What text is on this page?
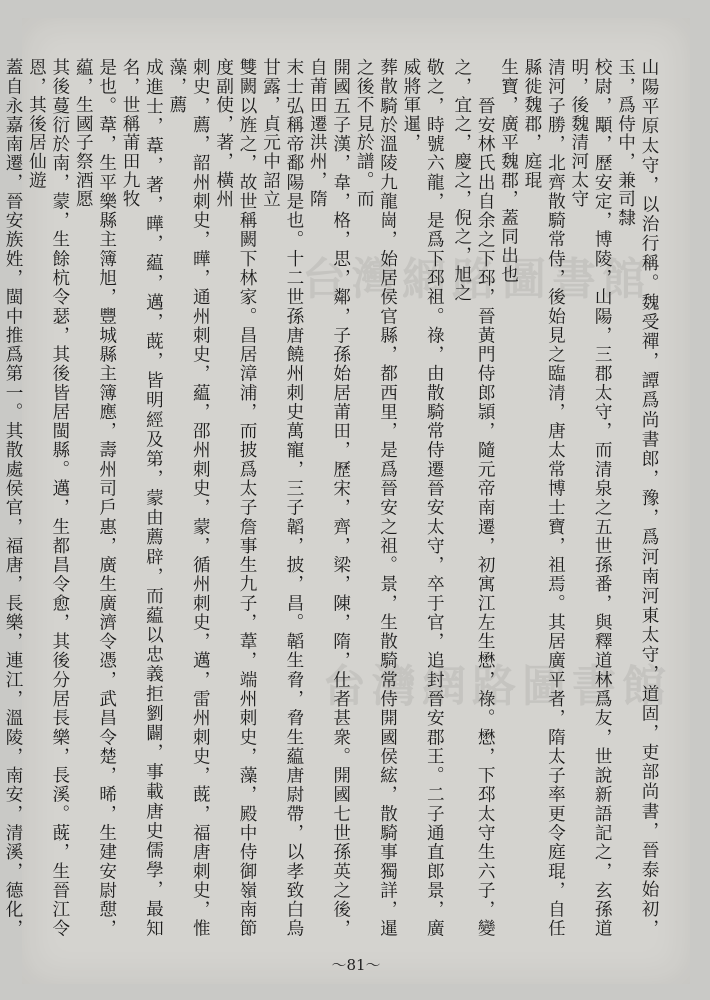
台灣網路圖書館
台灣網路圖書館

山陽平原太守，以治行稱。魏受禪，譚爲尚書郎，豫，爲河南河東太守，道固，吏部尚書，晉泰始初，玉，爲侍中，兼司隸

校尉，顒，歷安定，博陵，山陽，三郡太守，而清泉之五世孫番，與釋道林爲友，世說新語記之，玄孫道明，後魏清河太守

清河子勝，北齊散騎常侍，後始見之臨清，唐太常博士寶，祖焉。其居廣平者，隋太子率更令庭琨，自任縣徙魏郡，庭琨

生寶，廣平魏郡，蓋同出也

　　晉安林氏出自余之下邳，晉黃門侍郎頴，隨元帝南遷，初寓江左生懋，祿。懋，下邳太守生六子，變之，宜之，慶之，倪之，旭之

敬之，時號六龍，是爲下邳祖。祿，由散騎常侍遷晉安太守，卒于官，追封晉安郡王。二子通直郎景，廣威將軍暹，

葬散騎於溫陵九龍崗，始居侯官縣，都西里，是爲晉安之祖。景，生散騎常侍開國侯綋，散騎事獨詳，暹之後不見於譜。而

開國五子漢，韋，格，思，鄰，子孫始居莆田，歷宋，齊，梁，陳，隋，仕者甚衆。開國七世孫英之後，自莆田遷洪州，隋

末士弘稱帝鄱陽是也。十二世孫唐饒州刺史萬寵，三子韜，披，昌。韜生脅，脅生藴唐尉帶，以孝致白烏甘露，貞元中詔立

雙闕以旌之，故世稱闕下林家。昌居漳浦，而披爲太子詹事生九子，葦，端州刺史，藻，殿中侍御嶺南節度副使，著，橫州

刺史，薦，韶州刺史，曄，通州刺史，藴，邵州刺史，蒙，循州刺史，邁，雷州刺史，蔇，福唐刺史，惟藻，薦

成進士，葦，著，曄，藴，邁，蔇，皆明經及第，蒙由薦辟，而藴以忠義拒劉闢，事載唐史儒學，最知名，世稱莆田九牧

是也。葦，生平樂縣主簿旭，豐城縣主簿應，壽州司戶惠，廣生廣濟令憑，武昌令楚，晞，生建安尉憇，藴，生國子祭酒愿

其後蔓衍於南，蒙，生餘杭令瑟，其後皆居閩縣。邁，生都昌令愈，其後分居長樂，長溪。蔇，生晉江令恩，其後居仙遊

蓋自永嘉南遷，晉安族姓，閩中推爲第一。其散處侯官，福唐，長樂，連江，溫陵，南安，清溪，德化，

～81～
